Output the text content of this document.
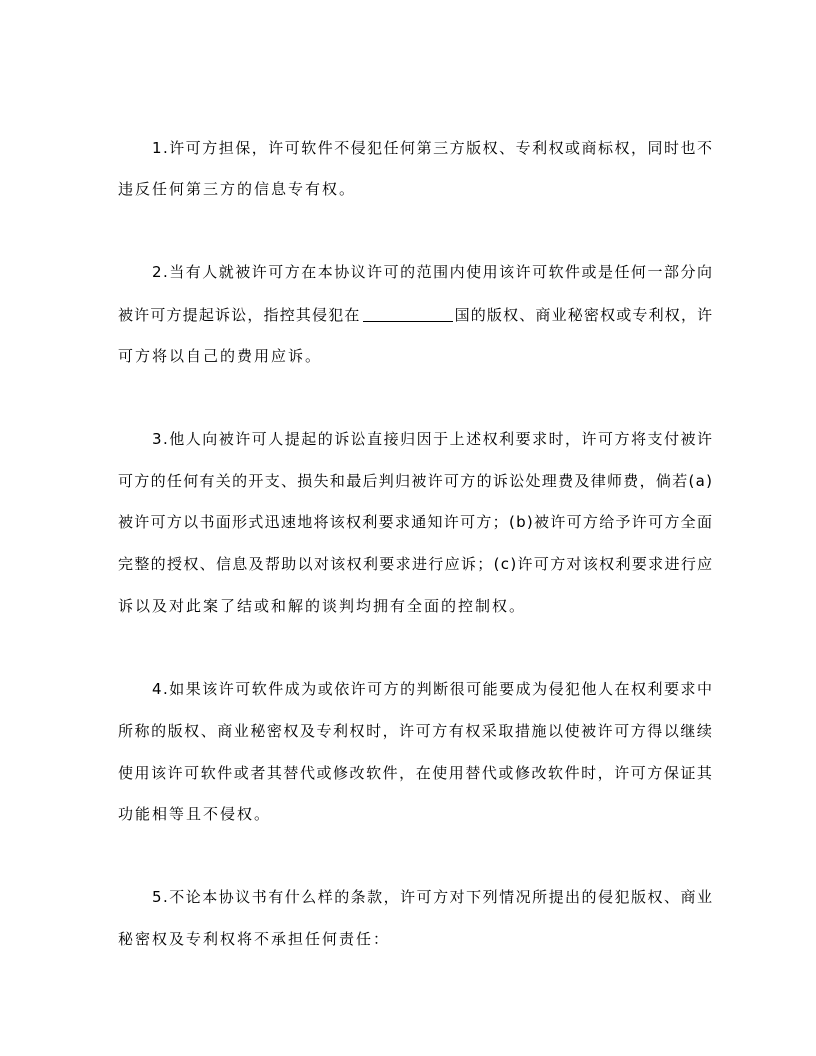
1.许可方担保，许可软件不侵犯任何第三方版权、专利权或商标权，同时也不
违反任何第三方的信息专有权。
2.当有人就被许可方在本协议许可的范围内使用该许可软件或是任何一部分向
被许可方提起诉讼，指控其侵犯在	国的版权、商业秘密权或专利权，许
可方将以自己的费用应诉。
3.他人向被许可人提起的诉讼直接归因于上述权利要求时，许可方将支付被许
可方的任何有关的开支、损失和最后判归被许可方的诉讼处理费及律师费，倘若(a)
被许可方以书面形式迅速地将该权利要求通知许可方；(b)被许可方给予许可方全面
完整的授权、信息及帮助以对该权利要求进行应诉；(c)许可方对该权利要求进行应
诉以及对此案了结或和解的谈判均拥有全面的控制权。
4.如果该许可软件成为或依许可方的判断很可能要成为侵犯他人在权利要求中
所称的版权、商业秘密权及专利权时，许可方有权采取措施以使被许可方得以继续
使用该许可软件或者其替代或修改软件，在使用替代或修改软件时，许可方保证其
功能相等且不侵权。
5.不论本协议书有什么样的条款，许可方对下列情况所提出的侵犯版权、商业
秘密权及专利权将不承担任何责任：
